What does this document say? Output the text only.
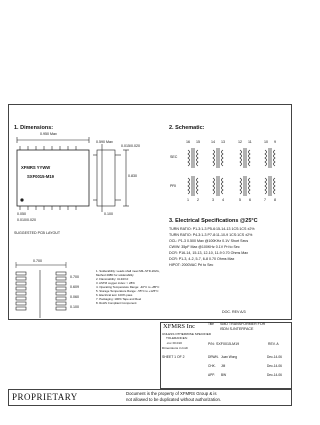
1. Dimensions:	2. Schematic:
3. Electrical Specifications @25°C
0.950 Max
XFMRS YYWW
SXF0015-M19
0.590 Max
0.015/0.020
0.050
0.830
0.010/0.020
0.100
0.700
0.609
0.060
0.700
0.100
SUGGESTED PCB LAYOUT
16 15	14 13	12 11	10 9
1 2	3 4	5 6	7 8
SEC
PRI
TURN RATIO: P1-3:1-3 P5-6:15-14-13 1CS:1CS ±2%
TURN RATIO: P4-3:1-3 P7-8:11-10-9 1CS:1CS ±2%
OCL: P1-3 0.500 Max @100KHz 0.1V Short Secs
CW/W: 35pF Max @100KHz 0.1V Pri to Sec
DCR: P16-14, 15-13, 12-10, 11-9 0.70 Ohms Max
DCR: P1-3, 4-2, 5-7, 6-8 0.70 Ohms Max
HIPOT: 2000VAC Pri to Sec
1. Solderability: Leads shall meet MIL-STD-202G,
Method 208D for solderability
2. Flammability: UL94V-0
3. ASTM oxygen index: > 28%
4. Operating Temperature Range: -40°C to +85°C
5. Storage Temperature Range: -55°C to +125°C
6. Electrical test: 100% pass
7. Packaging: 100% Tape and Reel
8. RoHS Compliant Component
DOC. REV A/3
XFMRS Inc	Title SMD TRANSFORMER FOR
ISDN S-INTERFACE
UNLESS OTHERWISE SPECIFIED
TOLERANCES:
.xxx ±0.010
Dimensions in Inch
P/N: SXF0015-M19	REV. A
SHEET 1 OF 2	DRWN. Juan Wong	Dec-14-06
CHK. JM	Dec-14-06
APP. BW	Dec-14-06
PROPRIETARY	Document is the property of XFMRS Group & is
not allowed to be duplicated without authorization.
